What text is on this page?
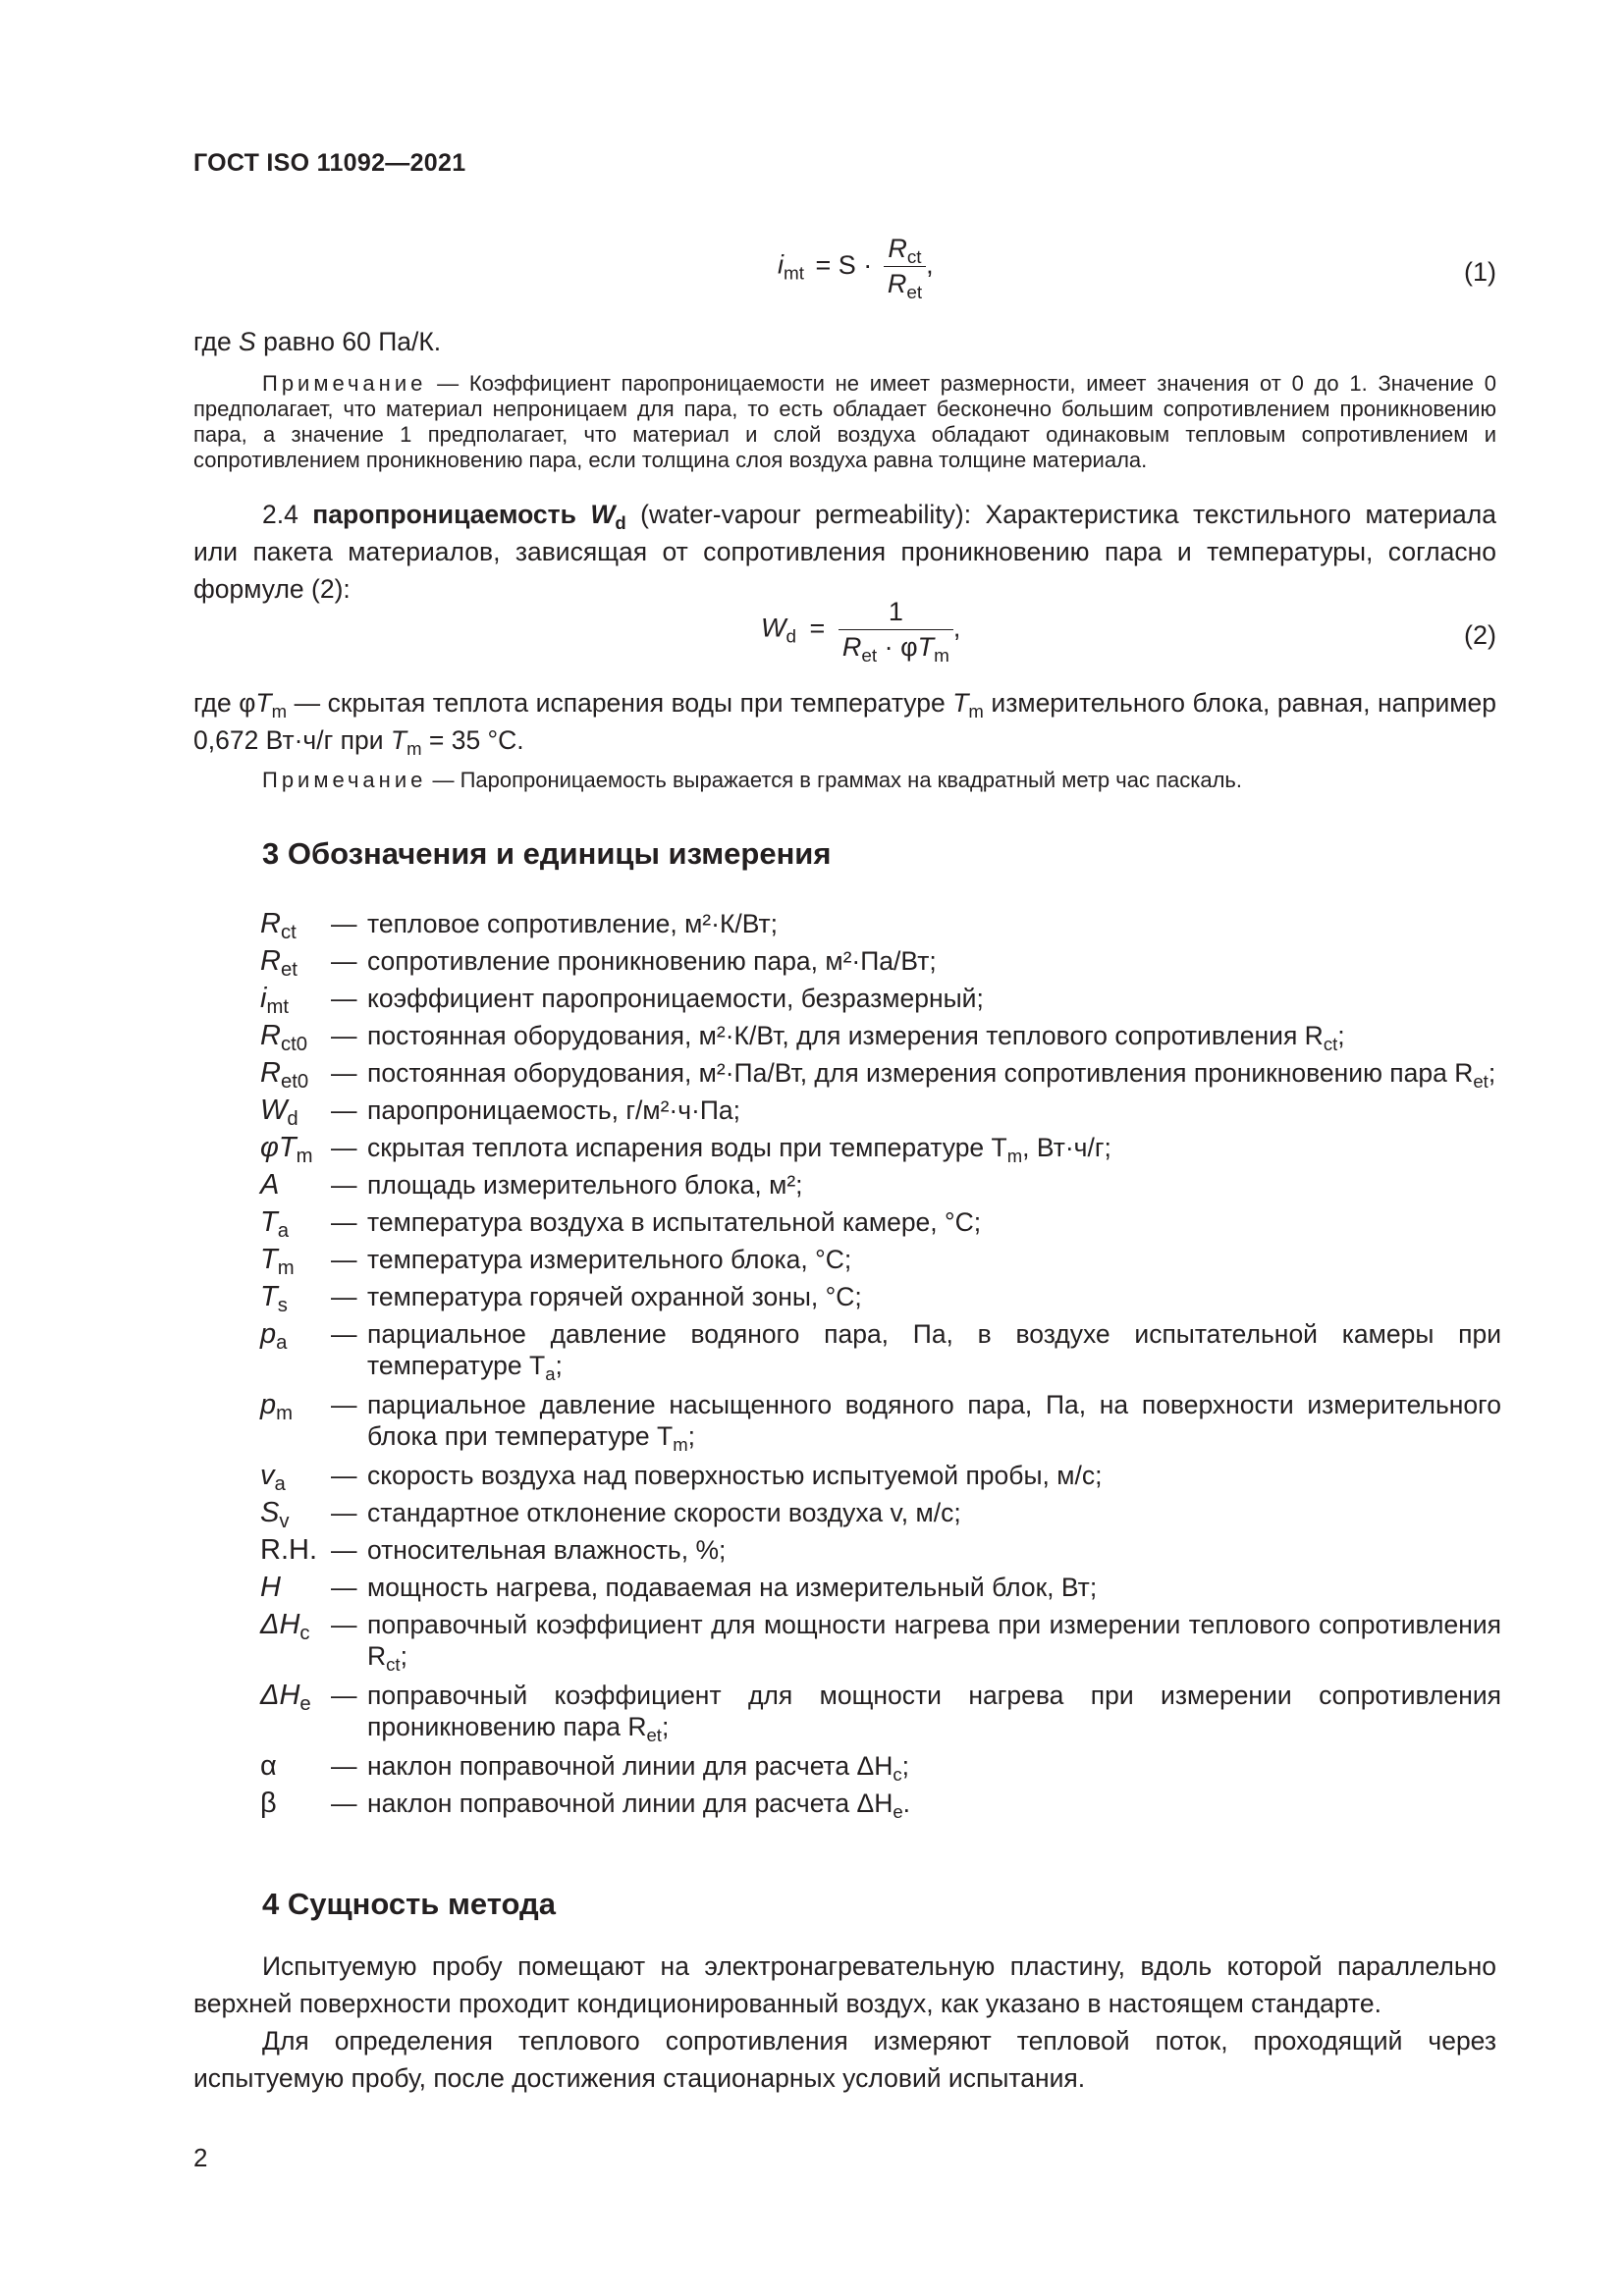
ГОСТ ISO 11092—2021
$i_{mt} = S \cdot \frac{R_{ct}}{R_{et}}$ ,	(1)
где S равно 60 Па/К.
Примечание — Коэффициент паропроницаемости не имеет размерности, имеет значения от 0 до 1. Значение 0 предполагает, что материал непроницаем для пара, то есть обладает бесконечно большим сопротивлением проникновению пара, а значение 1 предполагает, что материал и слой воздуха обладают одинаковым тепловым сопротивлением и сопротивлением проникновению пара, если толщина слоя воздуха равна толщине материала.
2.4 паропроницаемость $W_d$ (water-vapour permeability): Характеристика текстильного материала или пакета материалов, зависящая от сопротивления проникновению пара и температуры, согласно формуле (2):
$W_d = \frac{1}{R_{et} \cdot \varphi T_m}$ ,	(2)
где $\varphi T_m$ — скрытая теплота испарения воды при температуре $T_m$ измерительного блока, равная, например 0,672 Вт·ч/г при $T_m = 35$ °С.
Примечание — Паропроницаемость выражается в граммах на квадратный метр час паскаль.
3 Обозначения и единицы измерения
$R_{ct}$	— тепловое сопротивление, м²·К/Вт;
$R_{et}$	— сопротивление проникновению пара, м²·Па/Вт;
$i_{mt}$	— коэффициент паропроницаемости, безразмерный;
$R_{ct0}$ — постоянная оборудования, м²·К/Вт, для измерения теплового сопротивления $R_{ct}$;
$R_{et0}$ — постоянная оборудования, м²·Па/Вт, для измерения сопротивления проникновению пара $R_{et}$;
$W_d$	— паропроницаемость, г/м²·ч·Па;
$\varphi T_m$ — скрытая теплота испарения воды при температуре $T_m$, Вт·ч/г;
A	— площадь измерительного блока, м²;
$T_a$	— температура воздуха в испытательной камере, °С;
$T_m$	— температура измерительного блока, °С;
$T_s$	— температура горячей охранной зоны, °С;
$p_a$	— парциальное давление водяного пара, Па, в воздухе испытательной камеры при температуре $T_a$;
$p_m$	— парциальное давление насыщенного водяного пара, Па, на поверхности измерительного блока при температуре $T_m$;
$v_a$	— скорость воздуха над поверхностью испытуемой пробы, м/с;
$S_v$	— стандартное отклонение скорости воздуха v, м/с;
R.H. — относительная влажность, %;
H	— мощность нагрева, подаваемая на измерительный блок, Вт;
$\Delta H_c$ — поправочный коэффициент для мощности нагрева при измерении теплового сопротивления $R_{ct}$;
$\Delta H_e$ — поправочный коэффициент для мощности нагрева при измерении сопротивления проникновению пара $R_{et}$;
α	— наклон поправочной линии для расчета $\Delta H_c$;
β	— наклон поправочной линии для расчета $\Delta H_e$.
4 Сущность метода
Испытуемую пробу помещают на электронагревательную пластину, вдоль которой параллельно верхней поверхности проходит кондиционированный воздух, как указано в настоящем стандарте.
Для определения теплового сопротивления измеряют тепловой поток, проходящий через испытуемую пробу, после достижения стационарных условий испытания.
2
